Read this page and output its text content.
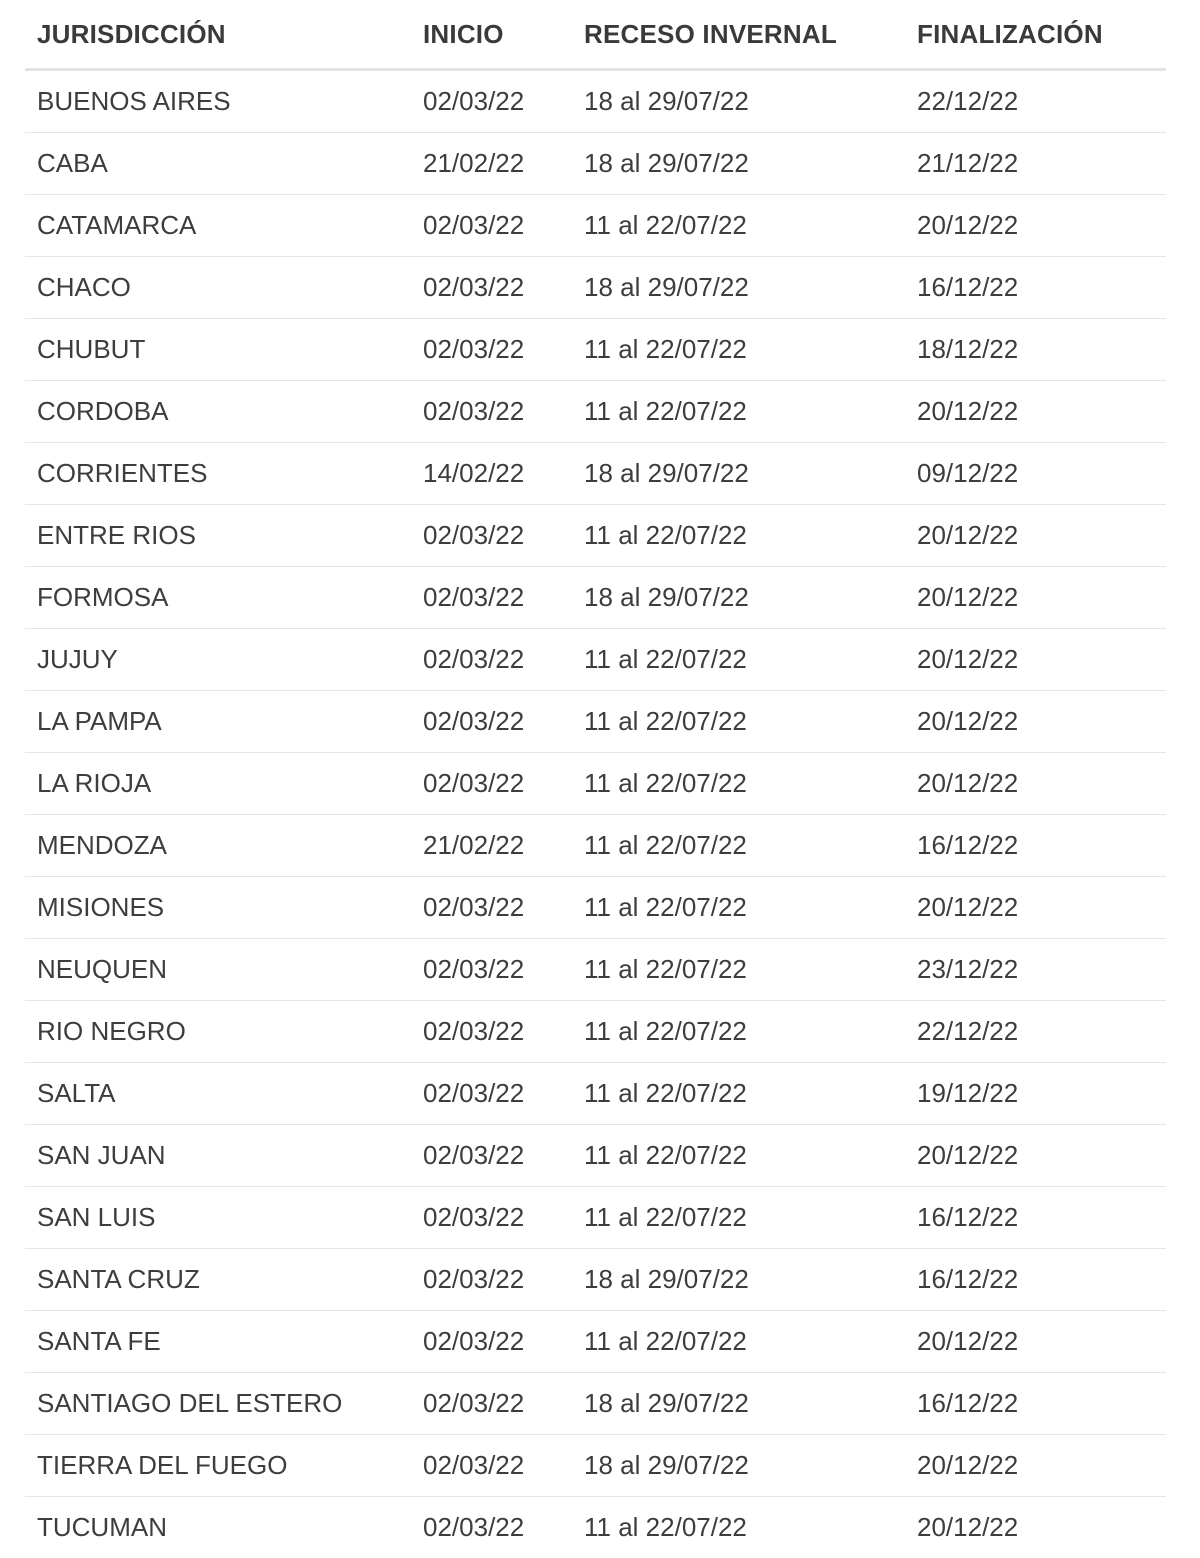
JURISDICCIÓN	INICIO	RECESO INVERNAL	FINALIZACIÓN
BUENOS AIRES	02/03/22	18 al 29/07/22	22/12/22
CABA	21/02/22	18 al 29/07/22	21/12/22
CATAMARCA	02/03/22	11 al 22/07/22	20/12/22
CHACO	02/03/22	18 al 29/07/22	16/12/22
CHUBUT	02/03/22	11 al 22/07/22	18/12/22
CORDOBA	02/03/22	11 al 22/07/22	20/12/22
CORRIENTES	14/02/22	18 al 29/07/22	09/12/22
ENTRE RIOS	02/03/22	11 al 22/07/22	20/12/22
FORMOSA	02/03/22	18 al 29/07/22	20/12/22
JUJUY	02/03/22	11 al 22/07/22	20/12/22
LA PAMPA	02/03/22	11 al 22/07/22	20/12/22
LA RIOJA	02/03/22	11 al 22/07/22	20/12/22
MENDOZA	21/02/22	11 al 22/07/22	16/12/22
MISIONES	02/03/22	11 al 22/07/22	20/12/22
NEUQUEN	02/03/22	11 al 22/07/22	23/12/22
RIO NEGRO	02/03/22	11 al 22/07/22	22/12/22
SALTA	02/03/22	11 al 22/07/22	19/12/22
SAN JUAN	02/03/22	11 al 22/07/22	20/12/22
SAN LUIS	02/03/22	11 al 22/07/22	16/12/22
SANTA CRUZ	02/03/22	18 al 29/07/22	16/12/22
SANTA FE	02/03/22	11 al 22/07/22	20/12/22
SANTIAGO DEL ESTERO	02/03/22	18 al 29/07/22	16/12/22
TIERRA DEL FUEGO	02/03/22	18 al 29/07/22	20/12/22
TUCUMAN	02/03/22	11 al 22/07/22	20/12/22
